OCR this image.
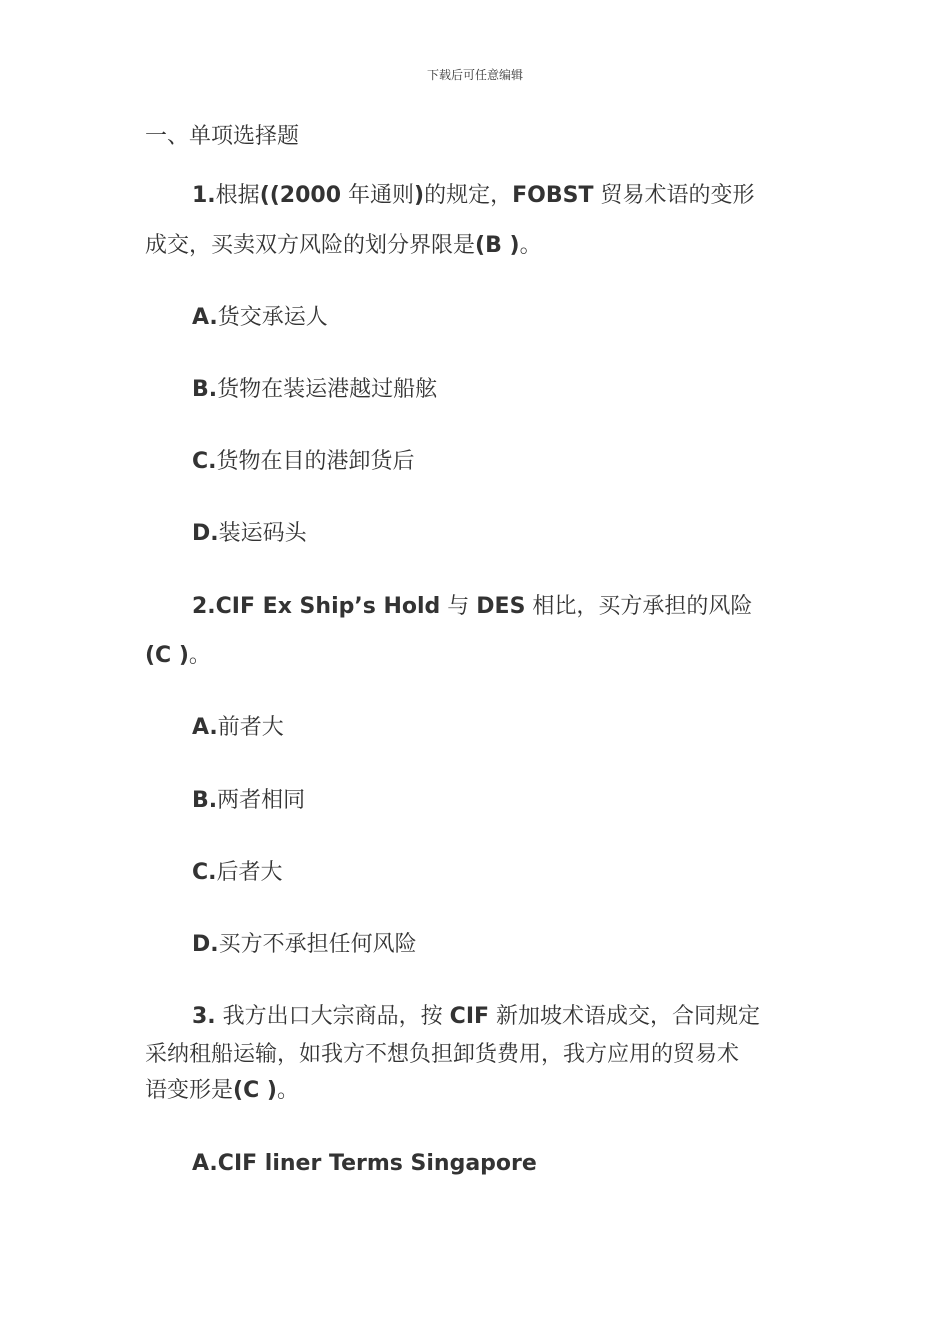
下载后可任意编辑
一、单项选择题
1.根据((2000 年通则)的规定，FOBST 贸易术语的变形
成交，买卖双方风险的划分界限是(B )。
A.货交承运人
B.货物在装运港越过船舷
C.货物在目的港卸货后
D.装运码头
2.CIF Ex Ship’s Hold 与 DES 相比，买方承担的风险
(C )。
A.前者大
B.两者相同
C.后者大
D.买方不承担任何风险
3. 我方出口大宗商品，按 CIF 新加坡术语成交，合同规定
采纳租船运输，如我方不想负担卸货费用，我方应用的贸易术
语变形是(C )。
A.CIF liner Terms Singapore
